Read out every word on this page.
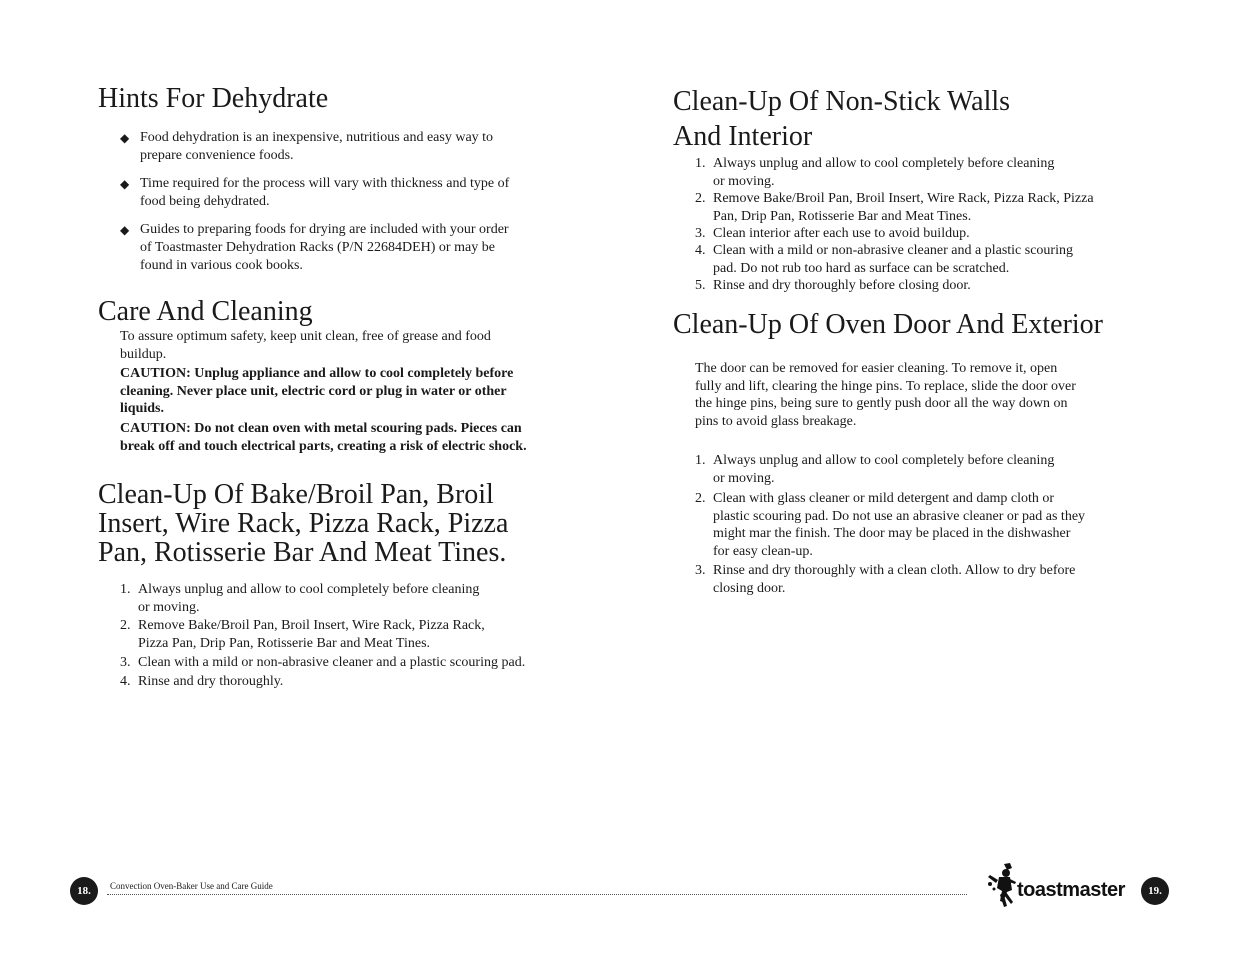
Hints For Dehydrate
◆ Food dehydration is an inexpensive, nutritious and easy way to
prepare convenience foods.
◆ Time required for the process will vary with thickness and type of
food being dehydrated.
◆ Guides to preparing foods for drying are included with your order
of Toastmaster Dehydration Racks (P/N 22684DEH) or may be
found in various cook books.
Care And Cleaning
To assure optimum safety, keep unit clean, free of grease and food
buildup.
CAUTION: Unplug appliance and allow to cool completely before
cleaning. Never place unit, electric cord or plug in water or other
liquids.
CAUTION: Do not clean oven with metal scouring pads. Pieces can
break off and touch electrical parts, creating a risk of electric shock.
Clean-Up Of Bake/Broil Pan, Broil
Insert, Wire Rack, Pizza Rack, Pizza
Pan, Rotisserie Bar And Meat Tines.
1. Always unplug and allow to cool completely before cleaning
or moving.
2. Remove Bake/Broil Pan, Broil Insert, Wire Rack, Pizza Rack,
Pizza Pan, Drip Pan, Rotisserie Bar and Meat Tines.
3. Clean with a mild or non-abrasive cleaner and a plastic scouring pad.
4. Rinse and dry thoroughly.
Clean-Up Of Non-Stick Walls
And Interior
1. Always unplug and allow to cool completely before cleaning
or moving.
2. Remove Bake/Broil Pan, Broil Insert, Wire Rack, Pizza Rack, Pizza
Pan, Drip Pan, Rotisserie Bar and Meat Tines.
3. Clean interior after each use to avoid buildup.
4. Clean with a mild or non-abrasive cleaner and a plastic scouring
pad. Do not rub too hard as surface can be scratched.
5. Rinse and dry thoroughly before closing door.
Clean-Up Of Oven Door And Exterior
The door can be removed for easier cleaning. To remove it, open
fully and lift, clearing the hinge pins. To replace, slide the door over
the hinge pins, being sure to gently push door all the way down on
pins to avoid glass breakage.
1. Always unplug and allow to cool completely before cleaning
or moving.
2. Clean with glass cleaner or mild detergent and damp cloth or
plastic scouring pad. Do not use an abrasive cleaner or pad as they
might mar the finish. The door may be placed in the dishwasher
for easy clean-up.
3. Rinse and dry thoroughly with a clean cloth. Allow to dry before
closing door.
18.	Convection Oven-Baker Use and Care Guide	toastmaster	19.
